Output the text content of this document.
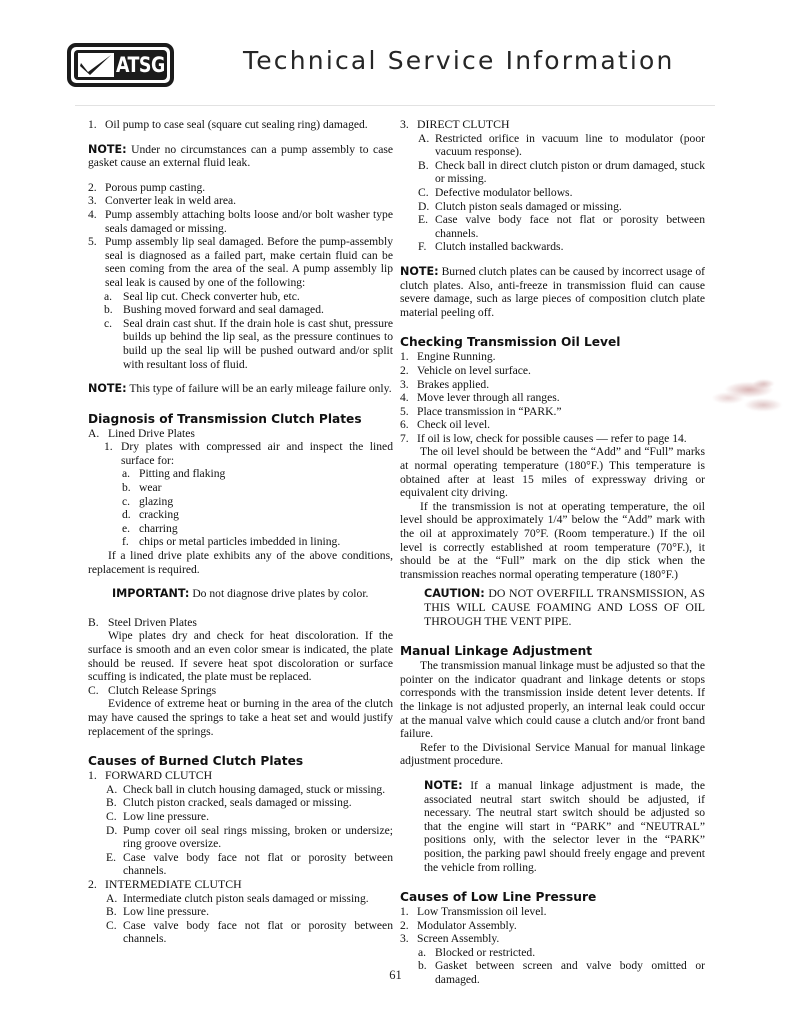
ATSG	Technical Service Information
1. Oil pump to case seal (square cut sealing ring) damaged.
NOTE: Under no circumstances can a pump assembly to case gasket cause an external fluid leak.
2. Porous pump casting.
3. Converter leak in weld area.
4. Pump assembly attaching bolts loose and/or bolt washer type seals damaged or missing.
5. Pump assembly lip seal damaged. Before the pump-assembly seal is diagnosed as a failed part, make certain fluid can be seen coming from the area of the seal. A pump assembly lip seal leak is caused by one of the following:
a. Seal lip cut. Check converter hub, etc.
b. Bushing moved forward and seal damaged.
c. Seal drain cast shut. If the drain hole is cast shut, pressure builds up behind the lip seal, as the pressure continues to build up the seal lip will be pushed outward and/or split with resultant loss of fluid.
NOTE: This type of failure will be an early mileage failure only.
Diagnosis of Transmission Clutch Plates
A. Lined Drive Plates
1. Dry plates with compressed air and inspect the lined surface for:
a. Pitting and flaking
b. wear
c. glazing
d. cracking
e. charring
f. chips or metal particles imbedded in lining.
If a lined drive plate exhibits any of the above conditions, replacement is required.
IMPORTANT: Do not diagnose drive plates by color.
B. Steel Driven Plates
Wipe plates dry and check for heat discoloration. If the surface is smooth and an even color smear is indicated, the plate should be reused. If severe heat spot discoloration or surface scuffing is indicated, the plate must be replaced.
C. Clutch Release Springs
Evidence of extreme heat or burning in the area of the clutch may have caused the springs to take a heat set and would justify replacement of the springs.
Causes of Burned Clutch Plates
1. FORWARD CLUTCH
A. Check ball in clutch housing damaged, stuck or missing.
B. Clutch piston cracked, seals damaged or missing.
C. Low line pressure.
D. Pump cover oil seal rings missing, broken or undersize; ring groove oversize.
E. Case valve body face not flat or porosity between channels.
2. INTERMEDIATE CLUTCH
A. Intermediate clutch piston seals damaged or missing.
B. Low line pressure.
C. Case valve body face not flat or porosity between channels.
3. DIRECT CLUTCH
A. Restricted orifice in vacuum line to modulator (poor vacuum response).
B. Check ball in direct clutch piston or drum damaged, stuck or missing.
C. Defective modulator bellows.
D. Clutch piston seals damaged or missing.
E. Case valve body face not flat or porosity between channels.
F. Clutch installed backwards.
NOTE: Burned clutch plates can be caused by incorrect usage of clutch plates. Also, anti-freeze in transmission fluid can cause severe damage, such as large pieces of composition clutch plate material peeling off.
Checking Transmission Oil Level
1. Engine Running.
2. Vehicle on level surface.
3. Brakes applied.
4. Move lever through all ranges.
5. Place transmission in “PARK.”
6. Check oil level.
7. If oil is low, check for possible causes — refer to page 14.
The oil level should be between the “Add” and “Full” marks at normal operating temperature (180°F.) This temperature is obtained after at least 15 miles of expressway driving or equivalent city driving.
If the transmission is not at operating temperature, the oil level should be approximately 1/4” below the “Add” mark with the oil at approximately 70°F. (Room temperature.) If the oil level is correctly established at room temperature (70°F.), it should be at the “Full” mark on the dip stick when the transmission reaches normal operating temperature (180°F.)
CAUTION: DO NOT OVERFILL TRANSMISSION, AS THIS WILL CAUSE FOAMING AND LOSS OF OIL THROUGH THE VENT PIPE.
Manual Linkage Adjustment
The transmission manual linkage must be adjusted so that the pointer on the indicator quadrant and linkage detents or stops corresponds with the transmission inside detent lever detents. If the linkage is not adjusted properly, an internal leak could occur at the manual valve which could cause a clutch and/or front band failure.
Refer to the Divisional Service Manual for manual linkage adjustment procedure.
NOTE: If a manual linkage adjustment is made, the associated neutral start switch should be adjusted, if necessary. The neutral start switch should be adjusted so that the engine will start in “PARK” and “NEUTRAL” positions only, with the selector lever in the “PARK” position, the parking pawl should freely engage and prevent the vehicle from rolling.
Causes of Low Line Pressure
1. Low Transmission oil level.
2. Modulator Assembly.
3. Screen Assembly.
a. Blocked or restricted.
b. Gasket between screen and valve body omitted or damaged.
61
